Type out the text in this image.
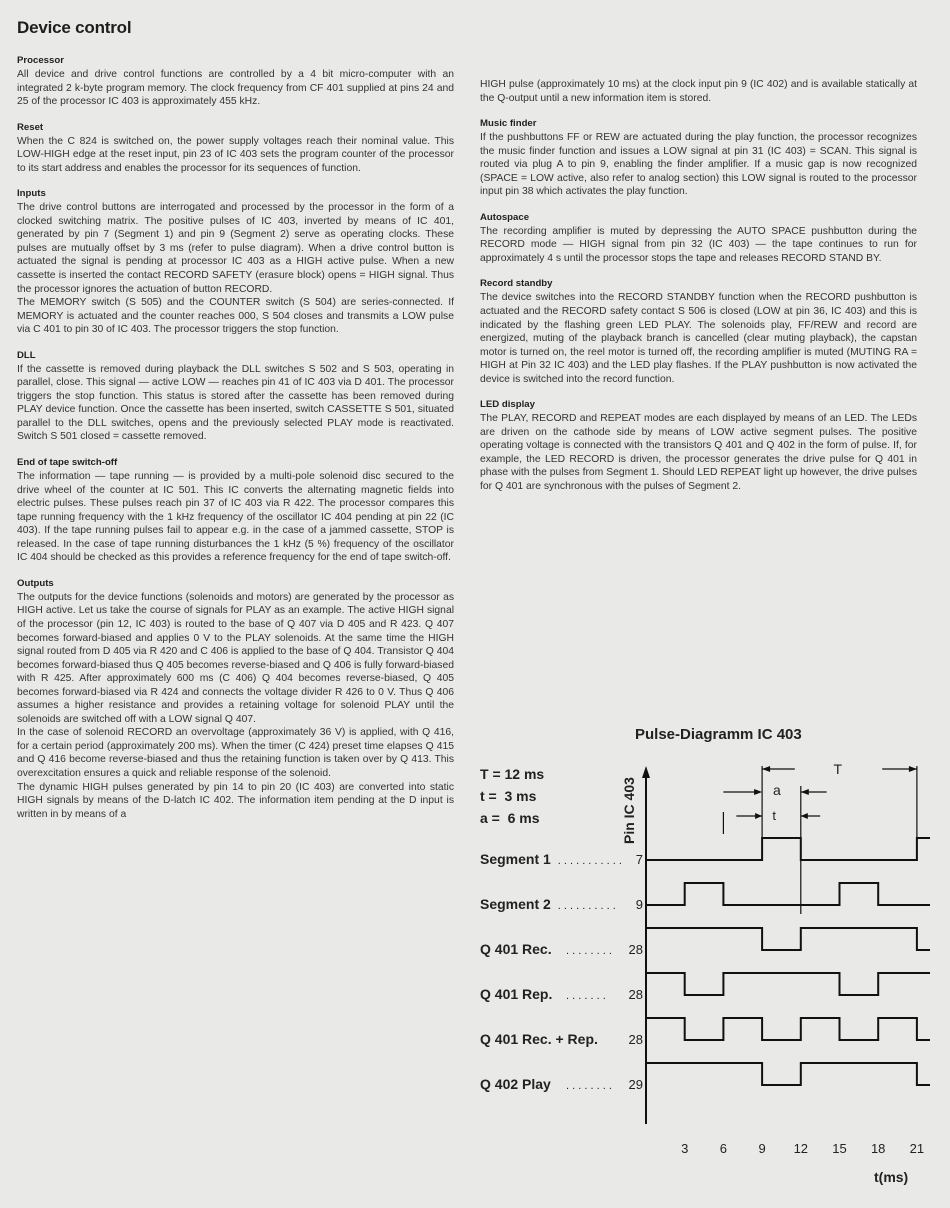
Device control
Processor

All device and drive control functions are controlled by a 4 bit micro-computer with an integrated 2 k-byte program memory. The clock frequency from CF 401 supplied at pins 24 and 25 of the processor IC 403 is approximately 455 kHz.

Reset

When the C 824 is switched on, the power supply voltages reach their nominal value. This LOW-HIGH edge at the reset input, pin 23 of IC 403 sets the program counter of the processor to its start address and enables the processor for its sequences of function.

Inputs

The drive control buttons are interrogated and processed by the processor in the form of a clocked switching matrix. The positive pulses of IC 403, inverted by means of IC 401, generated by pin 7 (Segment 1) and pin 9 (Segment 2) serve as operating clocks. These pulses are mutually offset by 3 ms (refer to pulse diagram). When a drive control button is actuated the signal is pending at processor IC 403 as a HIGH active pulse. When a new cassette is inserted the contact RECORD SAFETY (erasure block) opens = HIGH signal. Thus the processor ignores the actuation of button RECORD.

The MEMORY switch (S 505) and the COUNTER switch (S 504) are series-connected. If MEMORY is actuated and the counter reaches 000, S 504 closes and transmits a LOW pulse via C 401 to pin 30 of IC 403. The processor triggers the stop function.

DLL

If the cassette is removed during playback the DLL switches S 502 and S 503, operating in parallel, close. This signal — active LOW — reaches pin 41 of IC 403 via D 401. The processor triggers the stop function. This status is stored after the cassette has been removed during PLAY device function. Once the cassette has been inserted, switch CASSETTE S 501, situated parallel to the DLL switches, opens and the previously selected PLAY mode is reactivated. Switch S 501 closed = cassette removed.

End of tape switch-off

The information — tape running — is provided by a multi-pole solenoid disc secured to the drive wheel of the counter at IC 501. This IC converts the alternating magnetic fields into electric pulses. These pulses reach pin 37 of IC 403 via R 422. The processor compares this tape running frequency with the 1 kHz frequency of the oscillator IC 404 pending at pin 22 (IC 403). If the tape running pulses fail to appear e.g. in the case of a jammed cassette, STOP is released. In the case of tape running disturbances the 1 kHz (5 %) frequency of the oscillator IC 404 should be checked as this provides a reference frequency for the end of tape switch-off.

Outputs

The outputs for the device functions (solenoids and motors) are generated by the processor as HIGH active. Let us take the course of signals for PLAY as an example. The active HIGH signal of the processor (pin 12, IC 403) is routed to the base of Q 407 via D 405 and R 423. Q 407 becomes forward-biased and applies 0 V to the PLAY solenoids. At the same time the HIGH signal routed from D 405 via R 420 and C 406 is applied to the base of Q 404. Transistor Q 404 becomes forward-biased thus Q 405 becomes reverse-biased and Q 406 is fully forward-biased with R 425. After approximately 600 ms (C 406) Q 404 becomes reverse-biased, Q 405 becomes forward-biased via R 424 and connects the voltage divider R 426 to 0 V. Thus Q 406 assumes a higher resistance and provides a retaining voltage for solenoid PLAY until the solenoids are switched off with a LOW signal Q 407.

In the case of solenoid RECORD an overvoltage (approximately 36 V) is applied, with Q 416, for a certain period (approximately 200 ms). When the timer (C 424) preset time elapses Q 415 and Q 416 become reverse-biased and thus the retaining function is taken over by Q 413. This overexcitation ensures a quick and reliable response of the solenoid.

The dynamic HIGH pulses generated by pin 14 to pin 20 (IC 403) are converted into static HIGH signals by means of the D-latch IC 402. The information item pending at the D input is written in by means of a

HIGH pulse (approximately 10 ms) at the clock input pin 9 (IC 402) and is available statically at the Q-output until a new information item is stored.

Music finder

If the pushbuttons FF or REW are actuated during the play function, the processor recognizes the music finder function and issues a LOW signal at pin 31 (IC 403) = SCAN. This signal is routed via plug A to pin 9, enabling the finder amplifier. If a music gap is now recognized (SPACE = LOW active, also refer to analog section) this LOW signal is routed to the processor input pin 38 which activates the play function.

Autospace

The recording amplifier is muted by depressing the AUTO SPACE pushbutton during the RECORD mode — HIGH signal from pin 32 (IC 403) — the tape continues to run for approximately 4 s until the processor stops the tape and releases RECORD STAND BY.

Record standby

The device switches into the RECORD STANDBY function when the RECORD pushbutton is actuated and the RECORD safety contact S 506 is closed (LOW at pin 36, IC 403) and this is indicated by the flashing green LED PLAY. The solenoids play, FF/REW and record are energized, muting of the playback branch is cancelled (clear muting playback), the capstan motor is turned on, the reel motor is turned off, the recording amplifier is muted (MUTING RA = HIGH at Pin 32 IC 403) and the LED play flashes. If the PLAY pushbutton is now activated the device is switched into the record function.

LED display

The PLAY, RECORD and REPEAT modes are each displayed by means of an LED. The LEDs are driven on the cathode side by means of LOW active segment pulses. The positive operating voltage is connected with the transistors Q 401 and Q 402 in the form of pulse. If, for example, the LED RECORD is driven, the processor generates the drive pulse for Q 401 in phase with the pulses from Segment 1. Should LED REPEAT light up however, the drive pulses for Q 401 are synchronous with the pulses of Segment 2.

Pulse-Diagramm IC 403
T = 12 ms
t =  3 ms
a =  6 ms	Pin IC 403
T
a
t
Segment 1 . . . . . . . . . . . 7
Segment 2 . . . . . . . . . . 9
Q 401 Rec. . . . . . . . . 28
Q 401 Rep. . . . . . . . 28
Q 401 Rec. + Rep. 28
Q 402 Play . . . . . . . . 29
3 6 9 12 15 18 21
t(ms)
